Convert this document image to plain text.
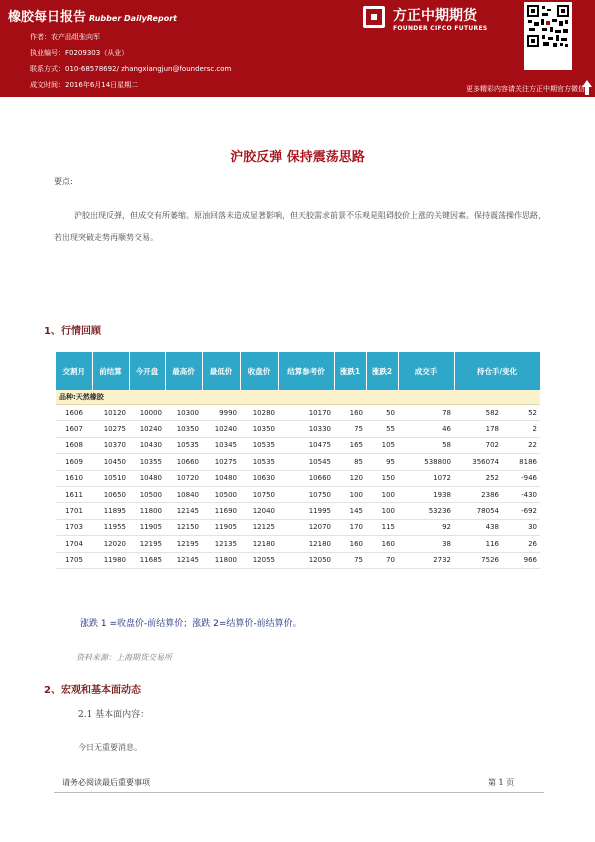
橡胶每日报告 Rubber DailyReport
作者：农产品组张向军
执业编号：F0209303（从业）
联系方式：010-68578692/ zhangxiangjun@foundersc.com
成文时间：2016年6月14日星期二
方正中期期货
FOUNDER CIFCO FUTURES
更多精彩内容请关注方正中期官方微信
沪胶反弹 保持震荡思路
要点:
沪胶出现反弹，但成交有所萎缩。原油回落未造成显著影响，但天胶需求前景不乐观是阻碍胶价上涨的关键因素。保持震荡操作思路，若出现突破走势再顺势交易。
1、行情回顾
交割月	前结算	今开盘	最高价	最低价	收盘价	结算参考价	涨跌1	涨跌2	成交手	持仓手/变化	
品种:天然橡胶											
1606	10120	10000	10300	9990	10280	10170	160	50	78	582	52
1607	10275	10240	10350	10240	10350	10330	75	55	46	178	2
1608	10370	10430	10535	10345	10535	10475	165	105	58	702	22
1609	10450	10355	10660	10275	10535	10545	85	95	538800	356074	8186
1610	10510	10480	10720	10480	10630	10660	120	150	1072	252	-946
1611	10650	10500	10840	10500	10750	10750	100	100	1938	2386	-430
1701	11895	11800	12145	11690	12040	11995	145	100	53236	78054	-692
1703	11955	11905	12150	11905	12125	12070	170	115	92	438	30
1704	12020	12195	12195	12135	12180	12180	160	160	38	116	26
1705	11980	11685	12145	11800	12055	12050	75	70	2732	7526	966
涨跌 1 =收盘价-前结算价；涨跌 2=结算价-前结算价。
资料来源：上海期货交易所
2、宏观和基本面动态
2.1 基本面内容：
今日无重要消息。
请务必阅读最后重要事项	第 1 页
